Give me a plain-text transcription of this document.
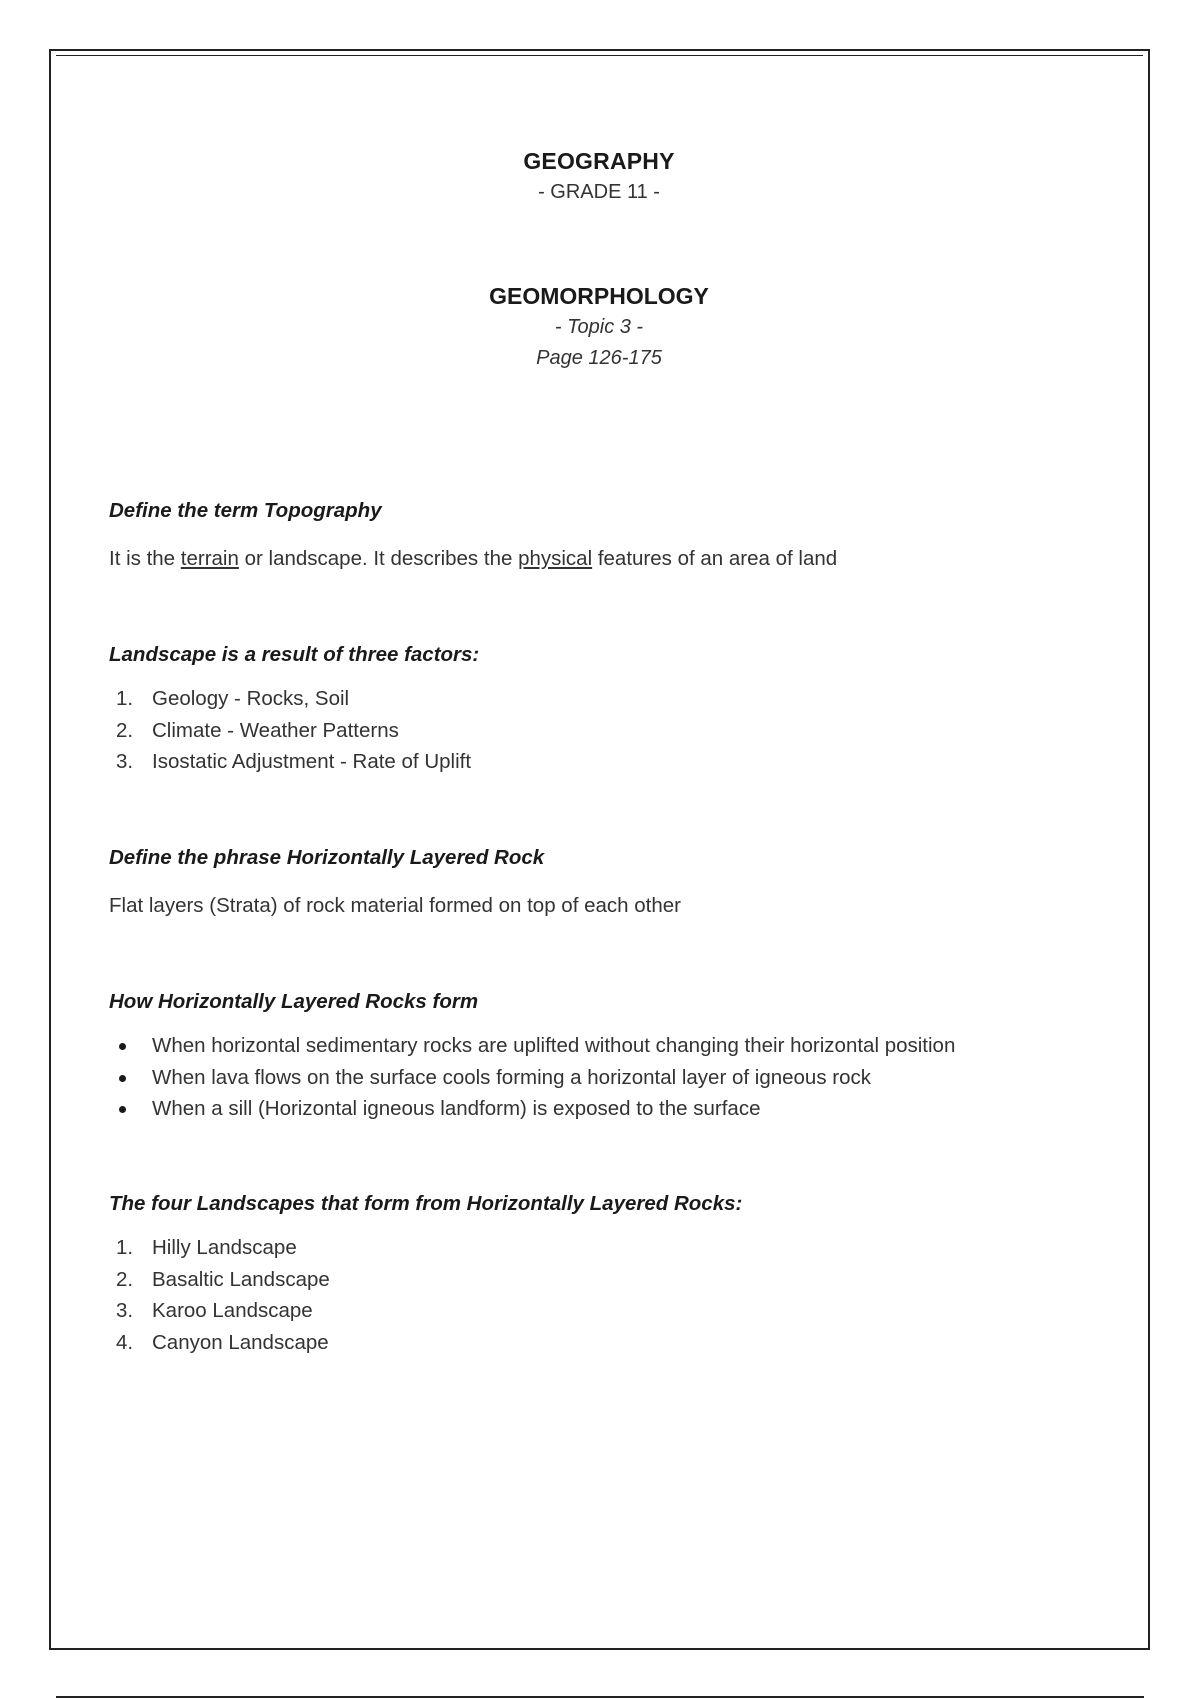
GEOGRAPHY
- GRADE 11 -
GEOMORPHOLOGY
- Topic 3 -
Page 126-175
Define the term Topography

It is the terrain or landscape. It describes the physical features of an area of land

Landscape is a result of three factors:
1. Geology - Rocks, Soil
2. Climate - Weather Patterns
3. Isostatic Adjustment - Rate of Uplift
Define the phrase Horizontally Layered Rock

Flat layers (Strata) of rock material formed on top of each other

How Horizontally Layered Rocks form
When horizontal sedimentary rocks are uplifted without changing their horizontal position
When lava flows on the surface cools forming a horizontal layer of igneous rock
When a sill (Horizontal igneous landform) is exposed to the surface
The four Landscapes that form from Horizontally Layered Rocks:
1. Hilly Landscape
2. Basaltic Landscape
3. Karoo Landscape
4. Canyon Landscape
